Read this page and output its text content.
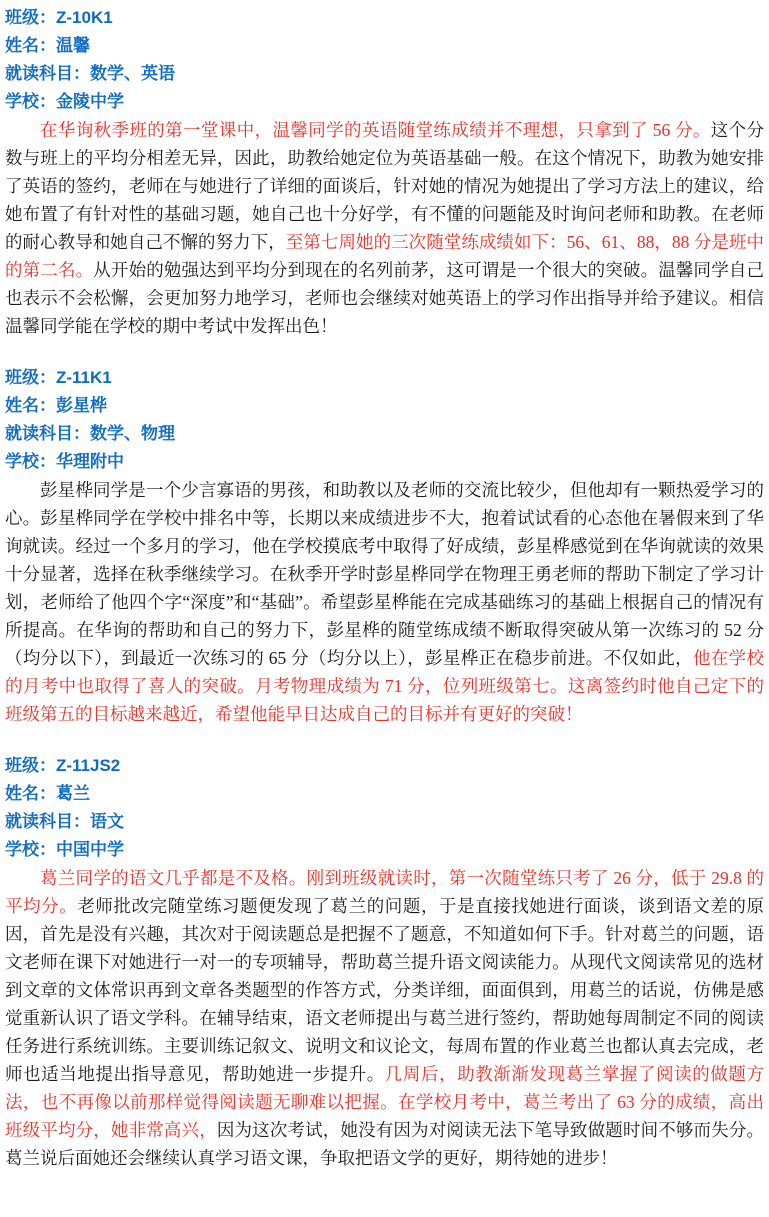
班级：Z-10K1
姓名：温馨
就读科目：数学、英语
学校：金陵中学

在华询秋季班的第一堂课中，温馨同学的英语随堂练成绩并不理想，只拿到了 56 分。这个分数与班上的平均分相差无异，因此，助教给她定位为英语基础一般。在这个情况下，助教为她安排了英语的签约，老师在与她进行了详细的面谈后，针对她的情况为她提出了学习方法上的建议，给她布置了有针对性的基础习题，她自己也十分好学，有不懂的问题能及时询问老师和助教。在老师的耐心教导和她自己不懈的努力下，至第七周她的三次随堂练成绩如下：56、61、88，88 分是班中的第二名。从开始的勉强达到平均分到现在的名列前茅，这可谓是一个很大的突破。温馨同学自己也表示不会松懈，会更加努力地学习，老师也会继续对她英语上的学习作出指导并给予建议。相信温馨同学能在学校的期中考试中发挥出色！

班级：Z-11K1
姓名：彭星桦
就读科目：数学、物理
学校：华理附中

彭星桦同学是一个少言寡语的男孩，和助教以及老师的交流比较少，但他却有一颗热爱学习的心。彭星桦同学在学校中排名中等，长期以来成绩进步不大，抱着试试看的心态他在暑假来到了华询就读。经过一个多月的学习，他在学校摸底考中取得了好成绩，彭星桦感觉到在华询就读的效果十分显著，选择在秋季继续学习。在秋季开学时彭星桦同学在物理王勇老师的帮助下制定了学习计划，老师给了他四个字“深度”和“基础”。希望彭星桦能在完成基础练习的基础上根据自己的情况有所提高。在华询的帮助和自己的努力下，彭星桦的随堂练成绩不断取得突破从第一次练习的 52 分（均分以下），到最近一次练习的 65 分（均分以上），彭星桦正在稳步前进。不仅如此，他在学校的月考中也取得了喜人的突破。月考物理成绩为 71 分，位列班级第七。这离签约时他自己定下的班级第五的目标越来越近，希望他能早日达成自己的目标并有更好的突破！

班级：Z-11JS2
姓名：葛兰
就读科目：语文
学校：中国中学

葛兰同学的语文几乎都是不及格。刚到班级就读时，第一次随堂练只考了 26 分，低于 29.8 的平均分。老师批改完随堂练习题便发现了葛兰的问题，于是直接找她进行面谈，谈到语文差的原因，首先是没有兴趣，其次对于阅读题总是把握不了题意，不知道如何下手。针对葛兰的问题，语文老师在课下对她进行一对一的专项辅导，帮助葛兰提升语文阅读能力。从现代文阅读常见的选材到文章的文体常识再到文章各类题型的作答方式，分类详细，面面俱到，用葛兰的话说，仿佛是感觉重新认识了语文学科。在辅导结束，语文老师提出与葛兰进行签约，帮助她每周制定不同的阅读任务进行系统训练。主要训练记叙文、说明文和议论文，每周布置的作业葛兰也都认真去完成，老师也适当地提出指导意见，帮助她进一步提升。几周后，助教渐渐发现葛兰掌握了阅读的做题方法，也不再像以前那样觉得阅读题无聊难以把握。在学校月考中，葛兰考出了 63 分的成绩，高出班级平均分，她非常高兴，因为这次考试，她没有因为对阅读无法下笔导致做题时间不够而失分。葛兰说后面她还会继续认真学习语文课，争取把语文学的更好，期待她的进步！
